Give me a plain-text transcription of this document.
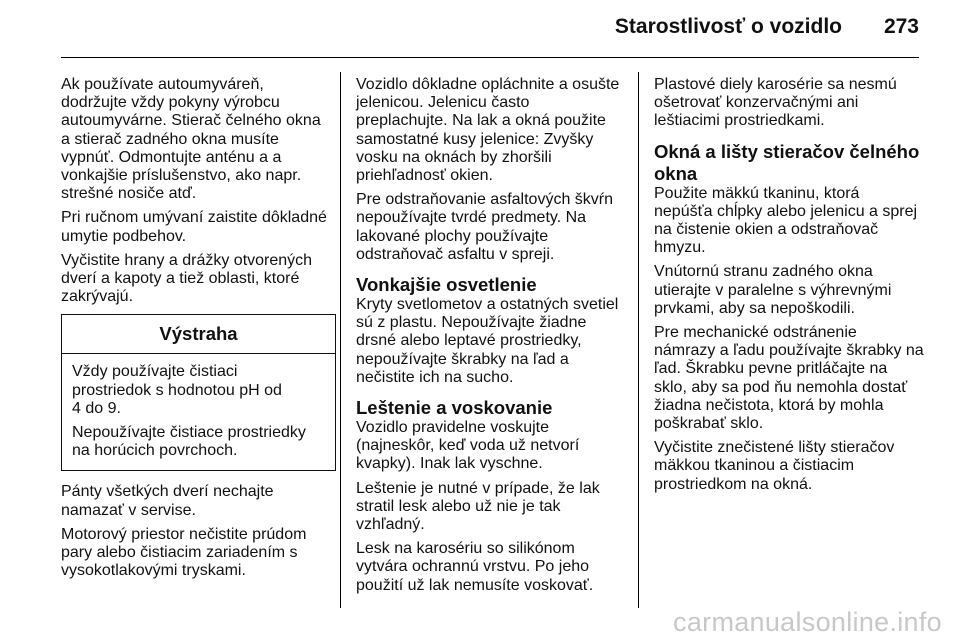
Starostlivosť o vozidlo 273

Ak používate autoumyváreň,
dodržujte vždy pokyny výrobcu
autoumyvárne. Stierač čelného okna
a stierač zadného okna musíte
vypnúť. Odmontujte anténu a a
vonkajšie príslušenstvo, ako napr.
strešné nosiče atď.

Pri ručnom umývaní zaistite dôkladné
umytie podbehov.

Vyčistite hrany a drážky otvorených
dverí a kapoty a tiež oblasti, ktoré
zakrývajú.

Výstraha

Vždy používajte čistiaci
prostriedok s hodnotou pH od
4 do 9.

Nepoužívajte čistiace prostriedky
na horúcich povrchoch.

Pánty všetkých dverí nechajte
namazať v servise.

Motorový priestor nečistite prúdom
pary alebo čistiacim zariadením s
vysokotlakovými tryskami.

Vozidlo dôkladne opláchnite a osušte
jelenicou. Jelenicu často
preplachujte. Na lak a okná použite
samostatné kusy jelenice: Zvyšky
vosku na oknách by zhoršili
priehľadnosť okien.

Pre odstraňovanie asfaltových škvŕn
nepoužívajte tvrdé predmety. Na
lakované plochy používajte
odstraňovač asfaltu v spreji.

Vonkajšie osvetlenie

Kryty svetlometov a ostatných svetiel
sú z plastu. Nepoužívajte žiadne
drsné alebo leptavé prostriedky,
nepoužívajte škrabky na ľad a
nečistite ich na sucho.

Leštenie a voskovanie

Vozidlo pravidelne voskujte
(najneskôr, keď voda už netvorí
kvapky). Inak lak vyschne.

Leštenie je nutné v prípade, že lak
stratil lesk alebo už nie je tak
vzhľadný.

Lesk na karosériu so silikónom
vytvára ochrannú vrstvu. Po jeho
použití už lak nemusíte voskovať.

Plastové diely karosérie sa nesmú
ošetrovať konzervačnými ani
leštiacimi prostriedkami.

Okná a lišty stieračov čelného
okna

Použite mäkkú tkaninu, ktorá
nepúšťa chĺpky alebo jelenicu a sprej
na čistenie okien a odstraňovač
hmyzu.

Vnútornú stranu zadného okna
utierajte v paralelne s výhrevnými
prvkami, aby sa nepoškodili.

Pre mechanické odstránenie
námrazy a ľadu používajte škrabky na
ľad. Škrabku pevne pritláčajte na
sklo, aby sa pod ňu nemohla dostať
žiadna nečistota, ktorá by mohla
poškrabať sklo.

Vyčistite znečistené lišty stieračov
mäkkou tkaninou a čistiacim
prostriedkom na okná.

carmanualsonline.info
